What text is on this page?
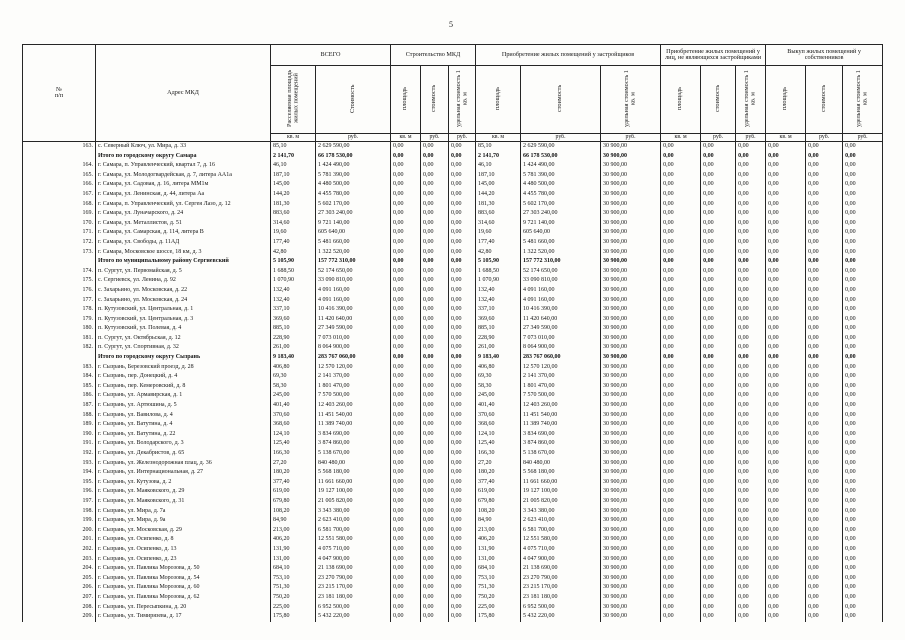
5
№
п/п	Адрес МКД	ВСЕГО		Строительство МКД			Приобретение жилых помещений у застройщиков			Приобретение жилых помещений у лиц, не являющихся застройщиками			Выкуп жилых помещений у собственников		
		Расселяемая площадь жилых помещений	Стоимость	площадь	стоимость	удельная стоимость 1 кв. м	площадь	стоимость	удельная стоимость 1 кв. м	площадь	стоимость	удельная стоимость 1 кв. м	площадь	стоимость	удельная стоимость 1 кв. м
		кв. м	руб.	кв. м	руб.	руб.	кв. м	руб.	руб.	кв. м	руб.	руб.	кв. м	руб.	руб.
163.	с. Северный Ключ, ул. Мира, д. 33	85,10	2 629 590,00	0,00	0,00	0,00	85,10	2 629 590,00	30 900,00	0,00	0,00	0,00	0,00	0,00	0,00
	Итого по городскому округу Самара	2 141,70	66 178 530,00	0,00	0,00	0,00	2 141,70	66 178 530,00	30 900,00	0,00	0,00	0,00	0,00	0,00	0,00
164.	г. Самара, п. Управленческий, квартал 7, д. 16	46,10	1 424 490,00	0,00	0,00	0,00	46,10	1 424 490,00	30 900,00	0,00	0,00	0,00	0,00	0,00	0,00
165.	г. Самара, ул. Молодогвардейская, д. 7, литера АА1а	187,10	5 781 390,00	0,00	0,00	0,00	187,10	5 781 390,00	30 900,00	0,00	0,00	0,00	0,00	0,00	0,00
166.	г. Самара, ул. Садовая, д. 16, литера ММ1м	145,00	4 480 500,00	0,00	0,00	0,00	145,00	4 480 500,00	30 900,00	0,00	0,00	0,00	0,00	0,00	0,00
167.	г. Самара, ул. Ленинская, д. 44, литера Аа	144,20	4 455 780,00	0,00	0,00	0,00	144,20	4 455 780,00	30 900,00	0,00	0,00	0,00	0,00	0,00	0,00
168.	г. Самара, п. Управленческий, ул. Сергея Лазо, д. 12	181,30	5 602 170,00	0,00	0,00	0,00	181,30	5 602 170,00	30 900,00	0,00	0,00	0,00	0,00	0,00	0,00
169.	г. Самара, ул. Луначарского, д. 24	883,60	27 303 240,00	0,00	0,00	0,00	883,60	27 303 240,00	30 900,00	0,00	0,00	0,00	0,00	0,00	0,00
170.	г. Самара, ул. Металлистов, д. 51	314,60	9 721 140,00	0,00	0,00	0,00	314,60	9 721 140,00	30 900,00	0,00	0,00	0,00	0,00	0,00	0,00
171.	г. Самара, ул. Самарская, д. 114, литера В	19,60	605 640,00	0,00	0,00	0,00	19,60	605 640,00	30 900,00	0,00	0,00	0,00	0,00	0,00	0,00
172.	г. Самара, ул. Свободы, д. 11АД	177,40	5 481 660,00	0,00	0,00	0,00	177,40	5 481 660,00	30 900,00	0,00	0,00	0,00	0,00	0,00	0,00
173.	г. Самара, Московское шоссе, 18 км, д. 3	42,80	1 322 520,00	0,00	0,00	0,00	42,80	1 322 520,00	30 900,00	0,00	0,00	0,00	0,00	0,00	0,00
	Итого по муниципальному району Сергиевский	5 105,90	157 772 310,00	0,00	0,00	0,00	5 105,90	157 772 310,00	30 900,00	0,00	0,00	0,00	0,00	0,00	0,00
174.	п. Сургут, ул. Первомайская, д. 5	1 688,50	52 174 650,00	0,00	0,00	0,00	1 688,50	52 174 650,00	30 900,00	0,00	0,00	0,00	0,00	0,00	0,00
175.	с. Сергиевск, ул. Ленина, д. 92	1 070,90	33 090 810,00	0,00	0,00	0,00	1 070,90	33 090 810,00	30 900,00	0,00	0,00	0,00	0,00	0,00	0,00
176.	с. Захарьино, ул. Московская, д. 22	132,40	4 091 160,00	0,00	0,00	0,00	132,40	4 091 160,00	30 900,00	0,00	0,00	0,00	0,00	0,00	0,00
177.	с. Захарьино, ул. Московская, д. 24	132,40	4 091 160,00	0,00	0,00	0,00	132,40	4 091 160,00	30 900,00	0,00	0,00	0,00	0,00	0,00	0,00
178.	п. Кутузовский, ул. Центральная, д. 1	337,10	10 416 390,00	0,00	0,00	0,00	337,10	10 416 390,00	30 900,00	0,00	0,00	0,00	0,00	0,00	0,00
179.	п. Кутузовский, ул. Центральная, д. 3	369,60	11 420 640,00	0,00	0,00	0,00	369,60	11 420 640,00	30 900,00	0,00	0,00	0,00	0,00	0,00	0,00
180.	п. Кутузовский, ул. Полевая, д. 4	885,10	27 349 590,00	0,00	0,00	0,00	885,10	27 349 590,00	30 900,00	0,00	0,00	0,00	0,00	0,00	0,00
181.	п. Сургут, ул. Октябрьская, д. 12	228,90	7 073 010,00	0,00	0,00	0,00	228,90	7 073 010,00	30 900,00	0,00	0,00	0,00	0,00	0,00	0,00
182.	п. Сургут, ул. Спортивная, д. 32	261,00	8 064 900,00	0,00	0,00	0,00	261,00	8 064 900,00	30 900,00	0,00	0,00	0,00	0,00	0,00	0,00
	Итого по городскому округу Сызрань	9 183,40	283 767 060,00	0,00	0,00	0,00	9 183,40	283 767 060,00	30 900,00	0,00	0,00	0,00	0,00	0,00	0,00
183.	г. Сызрань, Березовский проезд, д. 28	406,80	12 570 120,00	0,00	0,00	0,00	406,80	12 570 120,00	30 900,00	0,00	0,00	0,00	0,00	0,00	0,00
184.	г. Сызрань, пер. Донецкий, д. 4	69,30	2 141 370,00	0,00	0,00	0,00	69,30	2 141 370,00	30 900,00	0,00	0,00	0,00	0,00	0,00	0,00
185.	г. Сызрань, пер. Кемеровский, д. 8	58,30	1 801 470,00	0,00	0,00	0,00	58,30	1 801 470,00	30 900,00	0,00	0,00	0,00	0,00	0,00	0,00
186.	г. Сызрань, ул. Армавирская, д. 1	245,00	7 570 500,00	0,00	0,00	0,00	245,00	7 570 500,00	30 900,00	0,00	0,00	0,00	0,00	0,00	0,00
187.	г. Сызрань, ул. Артюшина, д. 5	401,40	12 403 260,00	0,00	0,00	0,00	401,40	12 403 260,00	30 900,00	0,00	0,00	0,00	0,00	0,00	0,00
188.	г. Сызрань, ул. Вавилова, д. 4	370,60	11 451 540,00	0,00	0,00	0,00	370,60	11 451 540,00	30 900,00	0,00	0,00	0,00	0,00	0,00	0,00
189.	г. Сызрань, ул. Ватутина, д. 4	368,60	11 389 740,00	0,00	0,00	0,00	368,60	11 389 740,00	30 900,00	0,00	0,00	0,00	0,00	0,00	0,00
190.	г. Сызрань, ул. Ватутина, д. 22	124,10	3 834 690,00	0,00	0,00	0,00	124,10	3 834 690,00	30 900,00	0,00	0,00	0,00	0,00	0,00	0,00
191.	г. Сызрань, ул. Володарского, д. 3	125,40	3 874 860,00	0,00	0,00	0,00	125,40	3 874 860,00	30 900,00	0,00	0,00	0,00	0,00	0,00	0,00
192.	г. Сызрань, ул. Декабристов, д. 65	166,30	5 138 670,00	0,00	0,00	0,00	166,30	5 138 670,00	30 900,00	0,00	0,00	0,00	0,00	0,00	0,00
193.	г. Сызрань, ул. Железнодорожная плац, д. 36	27,20	840 480,00	0,00	0,00	0,00	27,20	840 480,00	30 900,00	0,00	0,00	0,00	0,00	0,00	0,00
194.	г. Сызрань, ул. Интернациональная, д. 27	180,20	5 568 180,00	0,00	0,00	0,00	180,20	5 568 180,00	30 900,00	0,00	0,00	0,00	0,00	0,00	0,00
195.	г. Сызрань, ул. Кутузова, д. 2	377,40	11 661 660,00	0,00	0,00	0,00	377,40	11 661 660,00	30 900,00	0,00	0,00	0,00	0,00	0,00	0,00
196.	г. Сызрань, ул. Маяковского, д. 29	619,00	19 127 100,00	0,00	0,00	0,00	619,00	19 127 100,00	30 900,00	0,00	0,00	0,00	0,00	0,00	0,00
197.	г. Сызрань, ул. Маяковского, д. 31	679,80	21 005 820,00	0,00	0,00	0,00	679,80	21 005 820,00	30 900,00	0,00	0,00	0,00	0,00	0,00	0,00
198.	г. Сызрань, ул. Мира, д. 7а	108,20	3 343 380,00	0,00	0,00	0,00	108,20	3 343 380,00	30 900,00	0,00	0,00	0,00	0,00	0,00	0,00
199.	г. Сызрань, ул. Мира, д. 9а	84,90	2 623 410,00	0,00	0,00	0,00	84,90	2 623 410,00	30 900,00	0,00	0,00	0,00	0,00	0,00	0,00
200.	г. Сызрань, ул. Московская, д. 29	213,00	6 581 700,00	0,00	0,00	0,00	213,00	6 581 700,00	30 900,00	0,00	0,00	0,00	0,00	0,00	0,00
201.	г. Сызрань, ул. Осипенко, д. 8	406,20	12 551 580,00	0,00	0,00	0,00	406,20	12 551 580,00	30 900,00	0,00	0,00	0,00	0,00	0,00	0,00
202.	г. Сызрань, ул. Осипенко, д. 13	131,90	4 075 710,00	0,00	0,00	0,00	131,90	4 075 710,00	30 900,00	0,00	0,00	0,00	0,00	0,00	0,00
203.	г. Сызрань, ул. Осипенко, д. 23	131,00	4 047 900,00	0,00	0,00	0,00	131,00	4 047 900,00	30 900,00	0,00	0,00	0,00	0,00	0,00	0,00
204.	г. Сызрань, ул. Павлика Морозова, д. 50	684,10	21 138 690,00	0,00	0,00	0,00	684,10	21 138 690,00	30 900,00	0,00	0,00	0,00	0,00	0,00	0,00
205.	г. Сызрань, ул. Павлика Морозова, д. 54	753,10	23 270 790,00	0,00	0,00	0,00	753,10	23 270 790,00	30 900,00	0,00	0,00	0,00	0,00	0,00	0,00
206.	г. Сызрань, ул. Павлика Морозова, д. 60	751,30	23 215 170,00	0,00	0,00	0,00	751,30	23 215 170,00	30 900,00	0,00	0,00	0,00	0,00	0,00	0,00
207.	г. Сызрань, ул. Павлика Морозова, д. 62	750,20	23 181 180,00	0,00	0,00	0,00	750,20	23 181 180,00	30 900,00	0,00	0,00	0,00	0,00	0,00	0,00
208.	г. Сызрань, ул. Пересыпкина, д. 20	225,00	6 952 500,00	0,00	0,00	0,00	225,00	6 952 500,00	30 900,00	0,00	0,00	0,00	0,00	0,00	0,00
209.	г. Сызрань, ул. Тимирязева, д. 17	175,80	5 432 220,00	0,00	0,00	0,00	175,80	5 432 220,00	30 900,00	0,00	0,00	0,00	0,00	0,00	0,00
